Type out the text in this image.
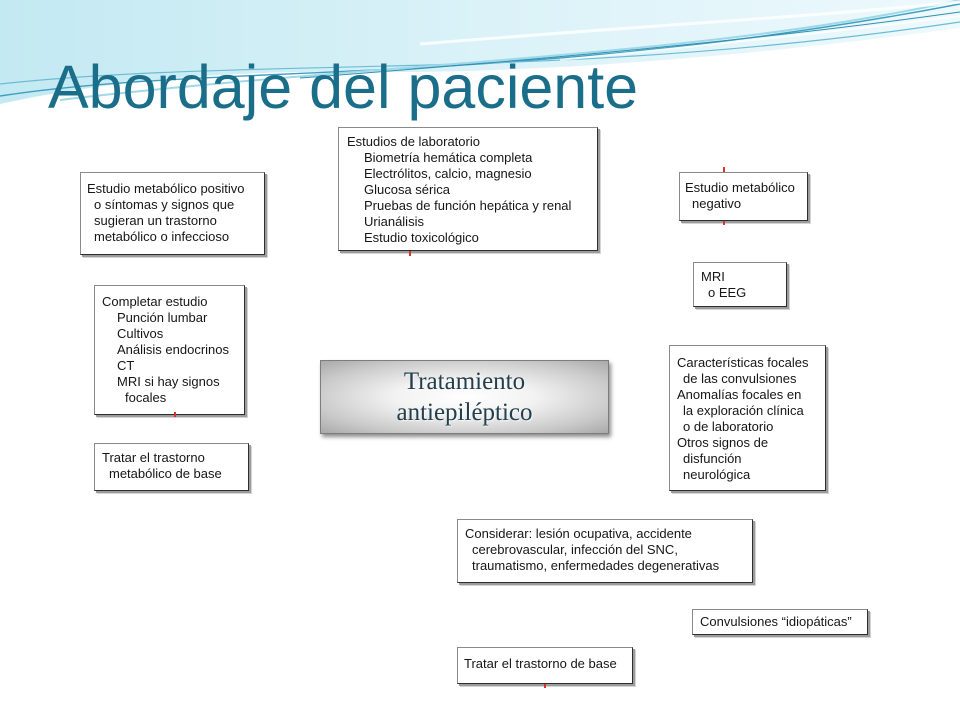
Abordaje del paciente
Estudios de laboratorio
Biometría hemática completa
Electrólitos, calcio, magnesio
Glucosa sérica
Pruebas de función hepática y renal
Urianálisis
Estudio toxicológico
Estudio metabólico positivo
o síntomas y signos que
sugieran un trastorno
metabólico o infeccioso
Estudio metabólico
negativo
MRI
o EEG
Completar estudio
Punción lumbar
Cultivos
Análisis endocrinos
CT
MRI si hay signos
focales
Tratamiento
antiepiléptico
Características focales
de las convulsiones
Anomalías focales en
la exploración clínica
o de laboratorio
Otros signos de
disfunción
neurológica
Tratar el trastorno
metabólico de base
Considerar: lesión ocupativa, accidente
cerebrovascular, infección del SNC,
traumatismo, enfermedades degenerativas
Convulsiones “idiopáticas”
Tratar el trastorno de base
